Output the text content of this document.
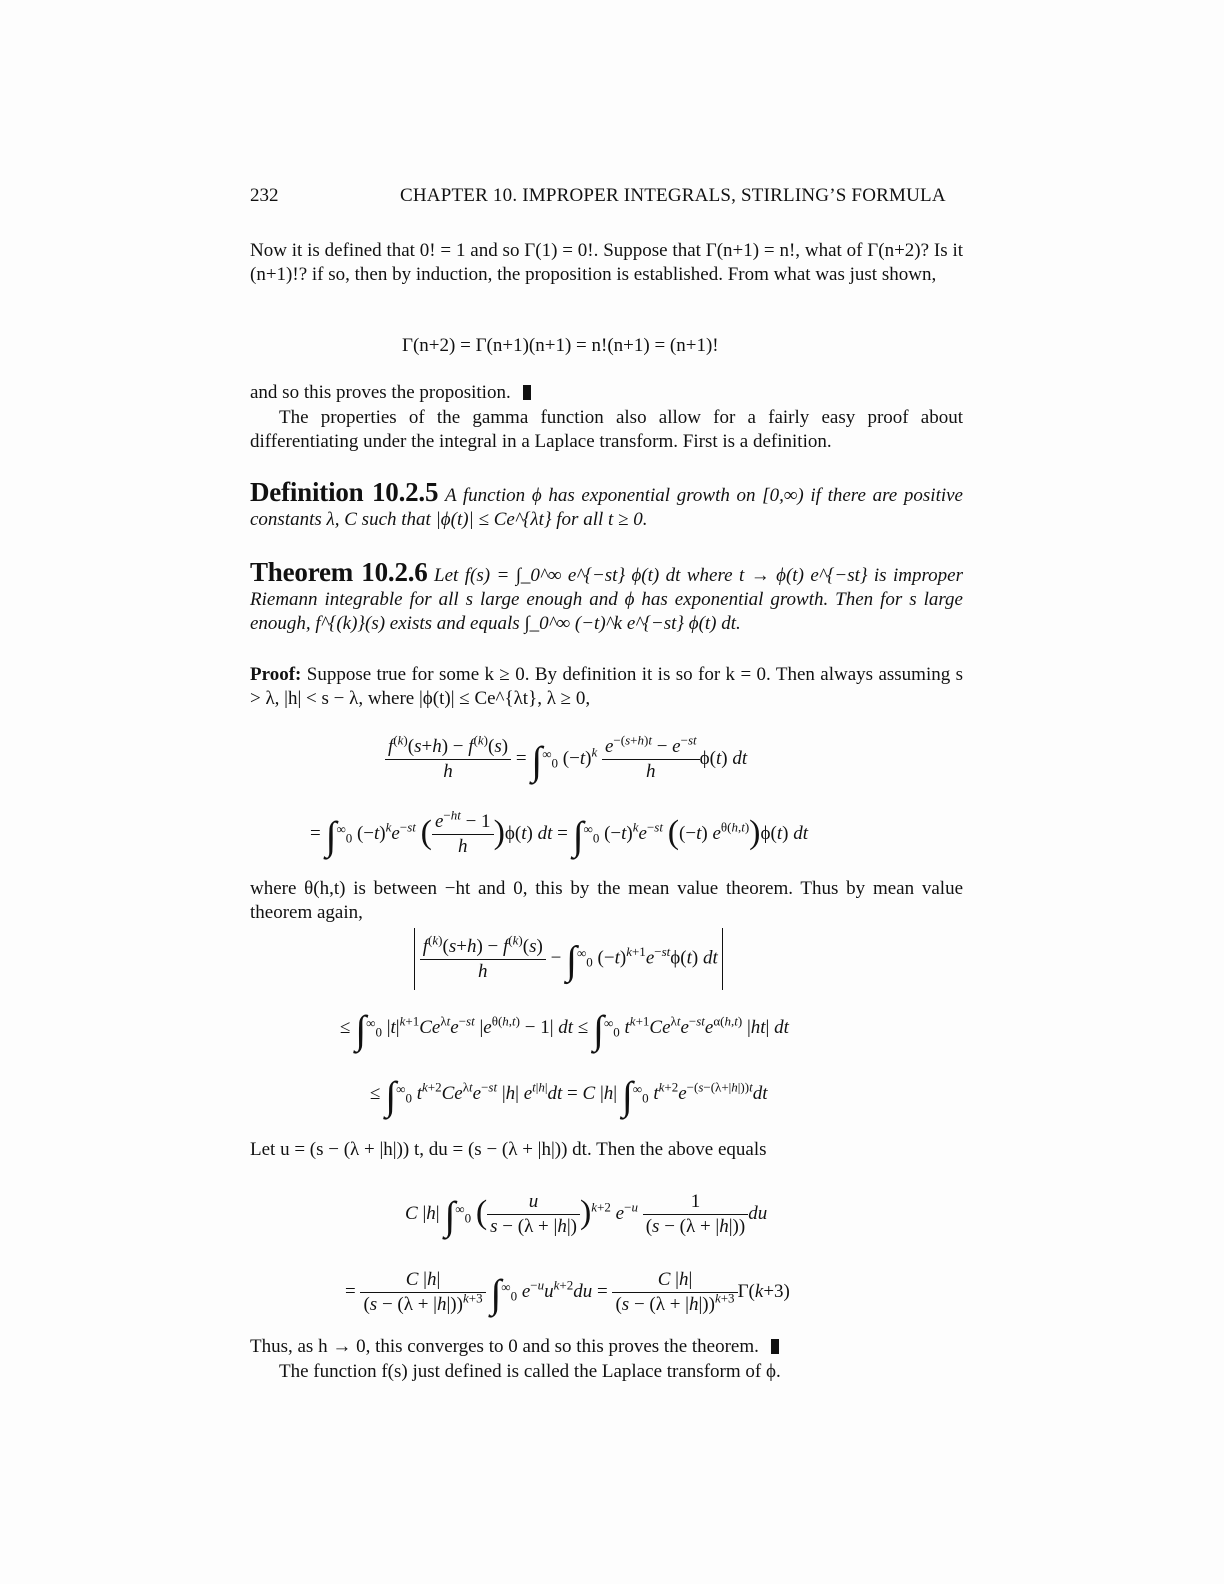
232	CHAPTER 10. IMPROPER INTEGRALS, STIRLING’S FORMULA
Now it is defined that 0! = 1 and so Γ(1) = 0!. Suppose that Γ(n+1) = n!, what of Γ(n+2)? Is it (n+1)!? if so, then by induction, the proposition is established. From what was just shown,
Γ(n+2) = Γ(n+1)(n+1) = n!(n+1) = (n+1)!
and so this proves the proposition.
The properties of the gamma function also allow for a fairly easy proof about differentiating under the integral in a Laplace transform. First is a definition.
Definition 10.2.5 A function ϕ has exponential growth on [0,∞) if there are positive constants λ, C such that |ϕ(t)| ≤ Ce^{λt} for all t ≥ 0.
Theorem 10.2.6 Let f(s) = ∫_0^∞ e^{−st} ϕ(t) dt where t → ϕ(t) e^{−st} is improper Riemann integrable for all s large enough and ϕ has exponential growth. Then for s large enough, f^{(k)}(s) exists and equals ∫_0^∞ (−t)^k e^{−st} ϕ(t) dt.
Proof: Suppose true for some k ≥ 0. By definition it is so for k = 0. Then always assuming s > λ, |h| < s − λ, where |ϕ(t)| ≤ Ce^{λt}, λ ≥ 0,
$\frac{f^{(k)}(s+h) - f^{(k)}(s)}{h} = \int^\infty_0$ $(-t)^k \frac{e^{-(s+h)t} - e^{-st}}{h} \phi(t)$ dt
= $\int^\infty_0$ $(-t)^ke^{-st}$ ( $\frac{e^{-ht} - 1}{h} )\phi(t)$ dt = $\int^\infty_0$ $(-t)^ke^{-st}$ ((−t) $e^{\theta(h,t)})\phi(t)$ dt
where θ(h,t) is between −ht and 0, this by the mean value theorem. Thus by mean value theorem again,

$\frac{f^{(k)}(s+h) - f^{(k)}(s)}{h} - \int^\infty_0$ $(-t)^{k+1}e^{-st}\phi(t)$ dt
≤ $\int^\infty_0$ $|t|^{k+1}Ce^{\lambda t}e^{-st}$ $|e^{\theta(h,t)} - 1|$ dt ≤ $\int^\infty_0$ $t^{k+1}Ce^{\lambda t}e^{-st}e^{\alpha(h,t)}$ |ht| dt
≤ $\int^\infty_0$ $t^{k+2}Ce^{\lambda t}e^{-st}$ |h| $e^{t|h|}dt = C$ |h| $\int^\infty_0$ $t^{k+2}e^{-(s-(\lambda+|h|))t}dt$
Let u = (s − (λ + |h|)) t, du = (s − (λ + |h|)) dt. Then the above equals
C |h| $\int^\infty_0$ ( $\frac{u}{s - (\lambda + |h|)} )^{k+2}$ $e^{-u} \frac{1}{(s - (\lambda + |h|))}$ du
= $\frac{C |h|}{(s - (\lambda + |h|))^{k+3}} \int^\infty_0$ $e^{-u}u^{k+2}du = \frac{C |h|}{(s - (\lambda + |h|))^{k+3}} \Gamma(k+3)$
Thus, as h → 0, this converges to 0 and so this proves the theorem.
The function f(s) just defined is called the Laplace transform of ϕ.
